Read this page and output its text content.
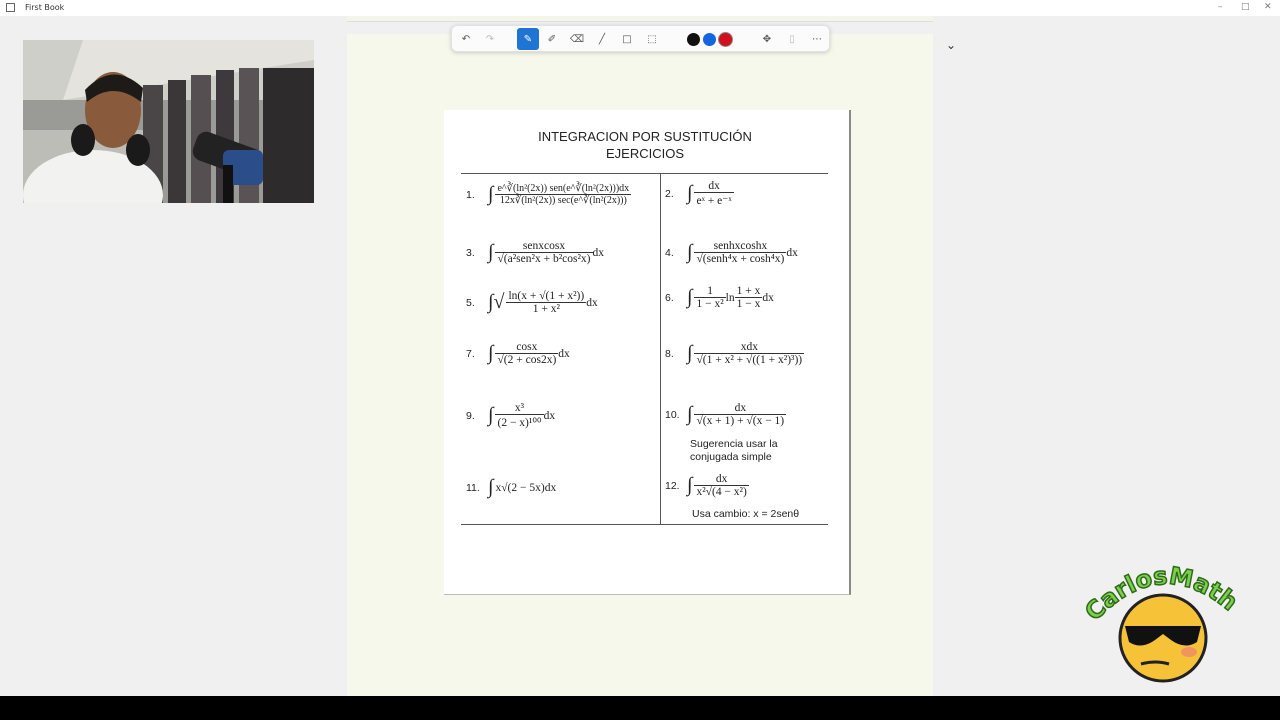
First Book	– □ ✕
↶	↷	✎	✐	⌫	╱	□	⬚	✥	▯	⋯	⌄
INTEGRACION POR SUSTITUCIÓN
EJERCICIOS
1. ∫ $\frac{\text{e\textasciicircum{}∛(ln²(2x)) sen(e\textasciicircum{}∛(ln²(2x)))dx}}{\text{12x∛(ln²(2x)) sec(e\textasciicircum{}∛(ln²(2x)))}}$	2. ∫ $\frac{dx}{\text{eˣ + e⁻ˣ}}$
3. ∫ $\frac{\text{senxcosx}}{\text{√(a²sen²x + b²cos²x)}}$ dx	4. ∫ $\frac{\text{senhxcoshx}}{\text{√(senh⁴x + cosh⁴x)}}$ dx
5. ∫√ $\frac{\text{ln(x + √(1 + x²))}}{\text{1 + x²}}$ dx	6. ∫ $\frac{1}{\text{1 − x²}}$ $\ln \frac{1 + x}{1 - x}$ dx
7. ∫ $\frac{\cos x}{√(2 + \cos 2x)}$ dx	8. ∫ $\frac{\text{xdx}}{\text{√(1 + x² + √((1 + x²)³))}}$
9. ∫ $\frac{\text{x³}}{\text{(2 − x)¹⁰⁰}}$ dx	10. ∫ $\frac{dx}{√(x + 1) + √(x - 1)}$
Sugerencia usar la
conjugada simple
11. ∫ x√(2 − 5x)dx	12. ∫ $\frac{dx}{\text{x²√(4 − x²)}}$
Usa cambio: x = 2senθ
arlosMath
